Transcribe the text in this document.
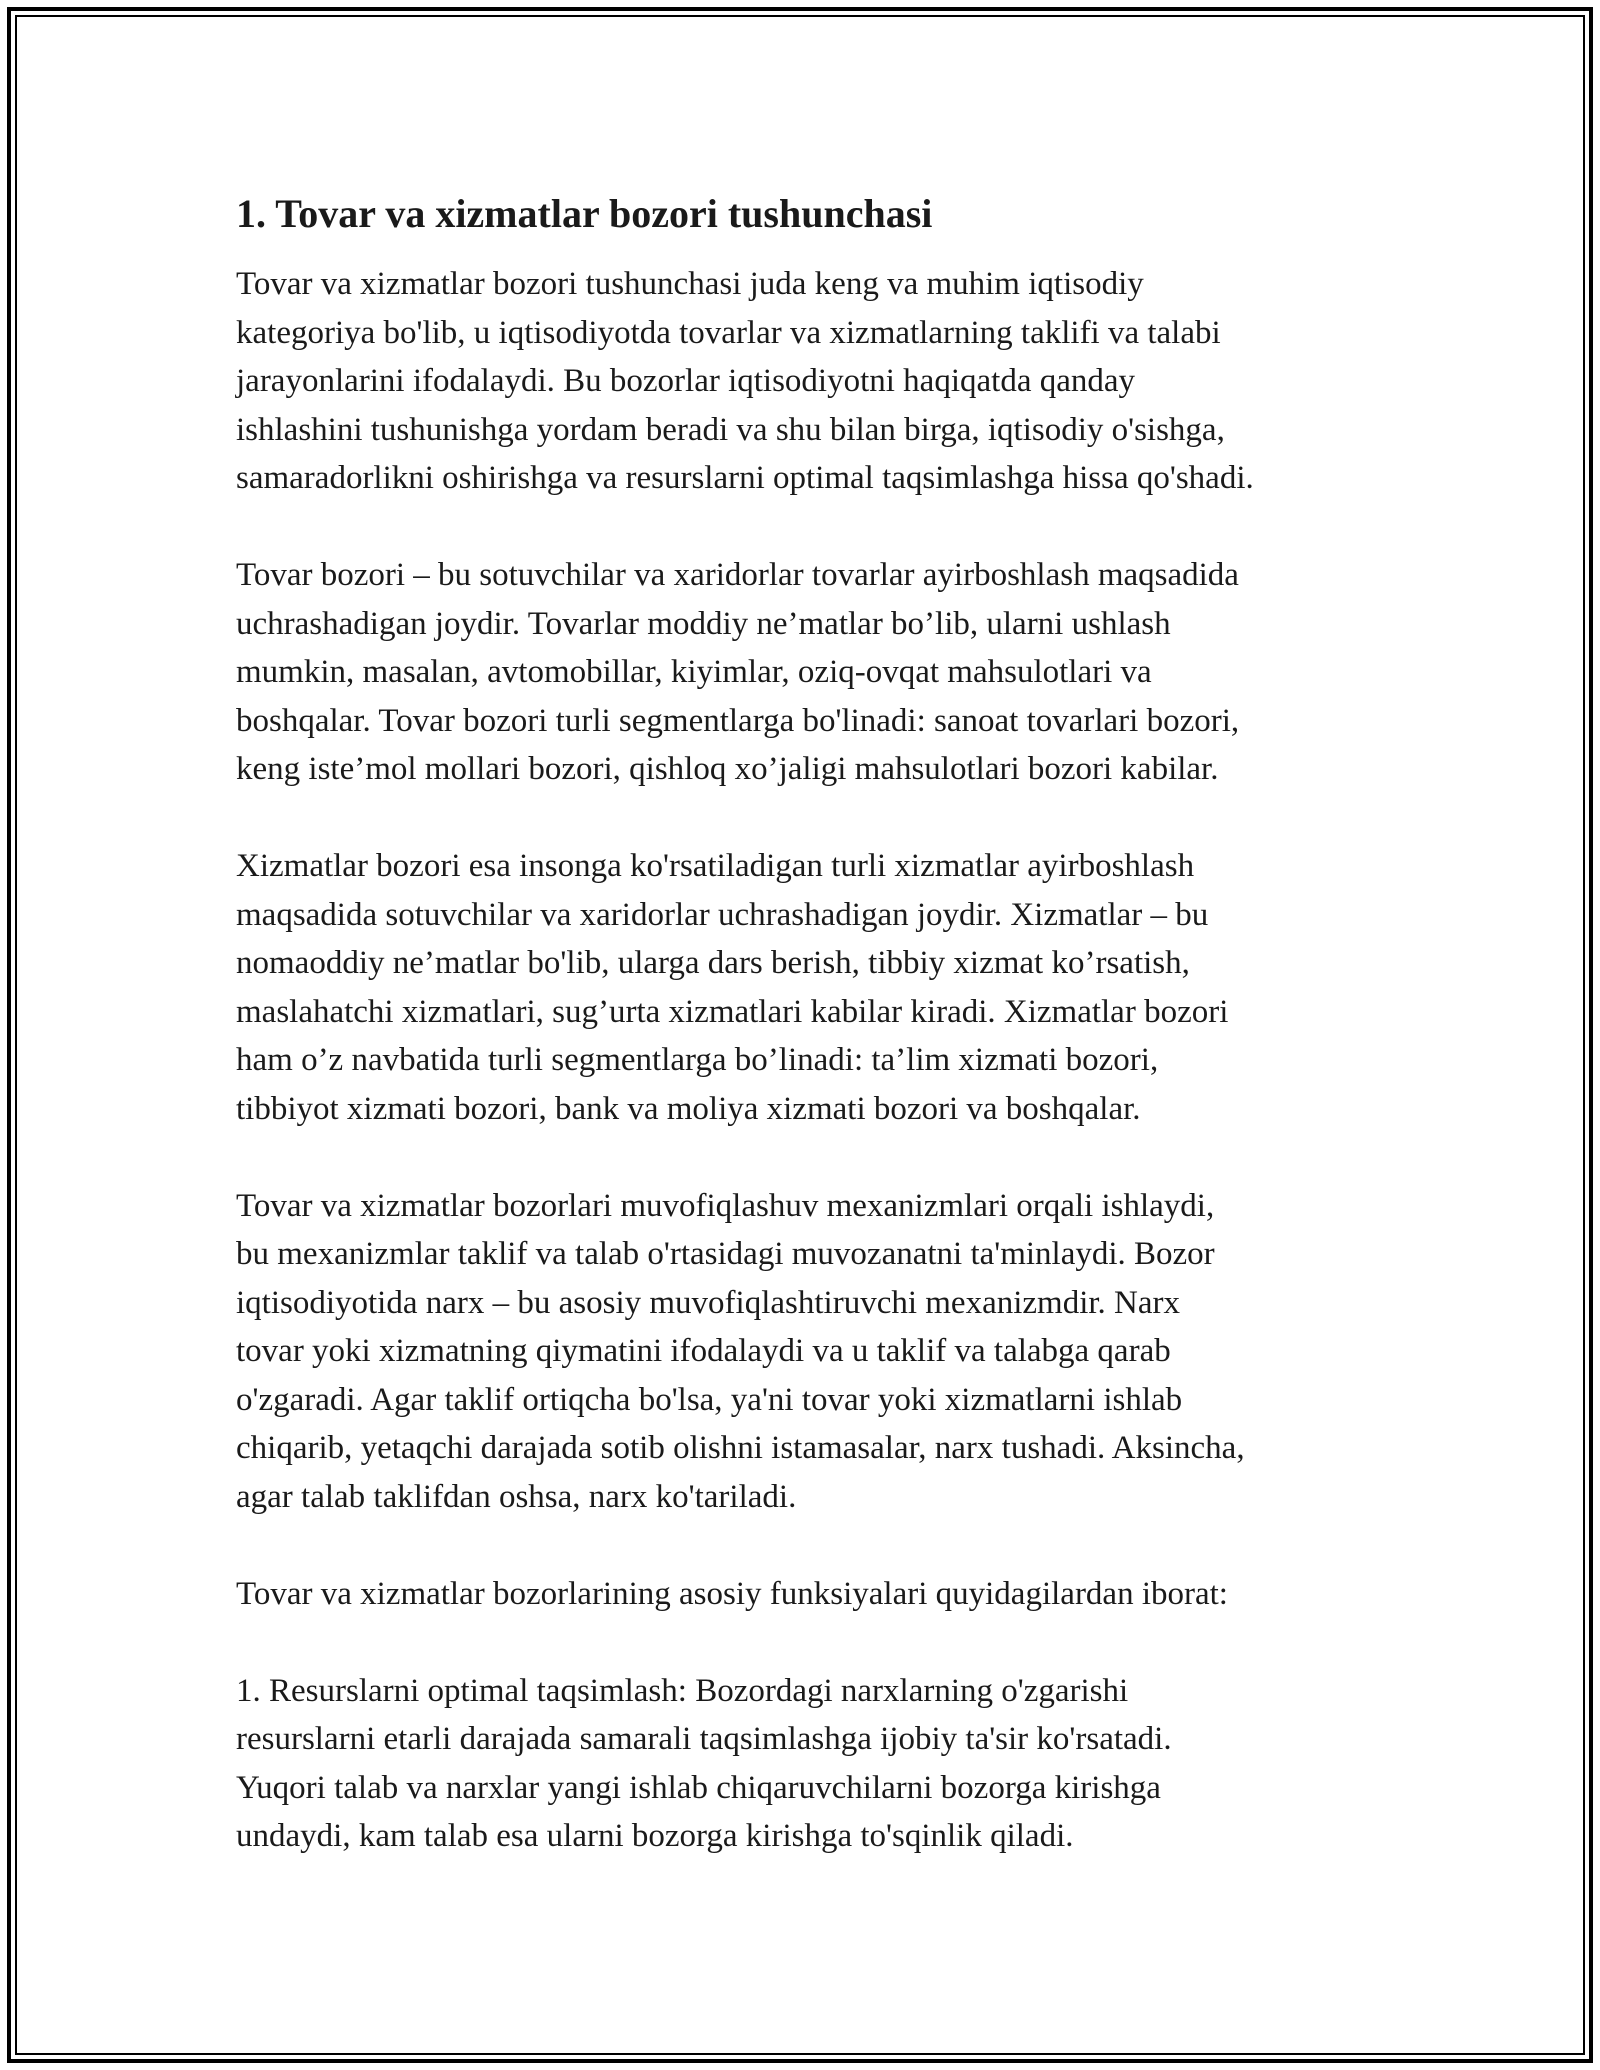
1. Tovar va xizmatlar bozori tushunchasi

Tovar va xizmatlar bozori tushunchasi juda keng va muhim iqtisodiy
kategoriya bo'lib, u iqtisodiyotda tovarlar va xizmatlarning taklifi va talabi
jarayonlarini ifodalaydi. Bu bozorlar iqtisodiyotni haqiqatda qanday
ishlashini tushunishga yordam beradi va shu bilan birga, iqtisodiy o'sishga,
samaradorlikni oshirishga va resurslarni optimal taqsimlashga hissa qo'shadi.

Tovar bozori – bu sotuvchilar va xaridorlar tovarlar ayirboshlash maqsadida
uchrashadigan joydir. Tovarlar moddiy ne’matlar bo’lib, ularni ushlash
mumkin, masalan, avtomobillar, kiyimlar, oziq-ovqat mahsulotlari va
boshqalar. Tovar bozori turli segmentlarga bo'linadi: sanoat tovarlari bozori,
keng iste’mol mollari bozori, qishloq xo’jaligi mahsulotlari bozori kabilar.

Xizmatlar bozori esa insonga ko'rsatiladigan turli xizmatlar ayirboshlash
maqsadida sotuvchilar va xaridorlar uchrashadigan joydir. Xizmatlar – bu
nomaoddiy ne’matlar bo'lib, ularga dars berish, tibbiy xizmat ko’rsatish,
maslahatchi xizmatlari, sug’urta xizmatlari kabilar kiradi. Xizmatlar bozori
ham o’z navbatida turli segmentlarga bo’linadi: ta’lim xizmati bozori,
tibbiyot xizmati bozori, bank va moliya xizmati bozori va boshqalar.

Tovar va xizmatlar bozorlari muvofiqlashuv mexanizmlari orqali ishlaydi,
bu mexanizmlar taklif va talab o'rtasidagi muvozanatni ta'minlaydi. Bozor
iqtisodiyotida narx – bu asosiy muvofiqlashtiruvchi mexanizmdir. Narx
tovar yoki xizmatning qiymatini ifodalaydi va u taklif va talabga qarab
o'zgaradi. Agar taklif ortiqcha bo'lsa, ya'ni tovar yoki xizmatlarni ishlab
chiqarib, yetaqchi darajada sotib olishni istamasalar, narx tushadi. Aksincha,
agar talab taklifdan oshsa, narx ko'tariladi.

Tovar va xizmatlar bozorlarining asosiy funksiyalari quyidagilardan iborat:

1. Resurslarni optimal taqsimlash: Bozordagi narxlarning o'zgarishi
resurslarni etarli darajada samarali taqsimlashga ijobiy ta'sir ko'rsatadi.
Yuqori talab va narxlar yangi ishlab chiqaruvchilarni bozorga kirishga
undaydi, kam talab esa ularni bozorga kirishga to'sqinlik qiladi.
